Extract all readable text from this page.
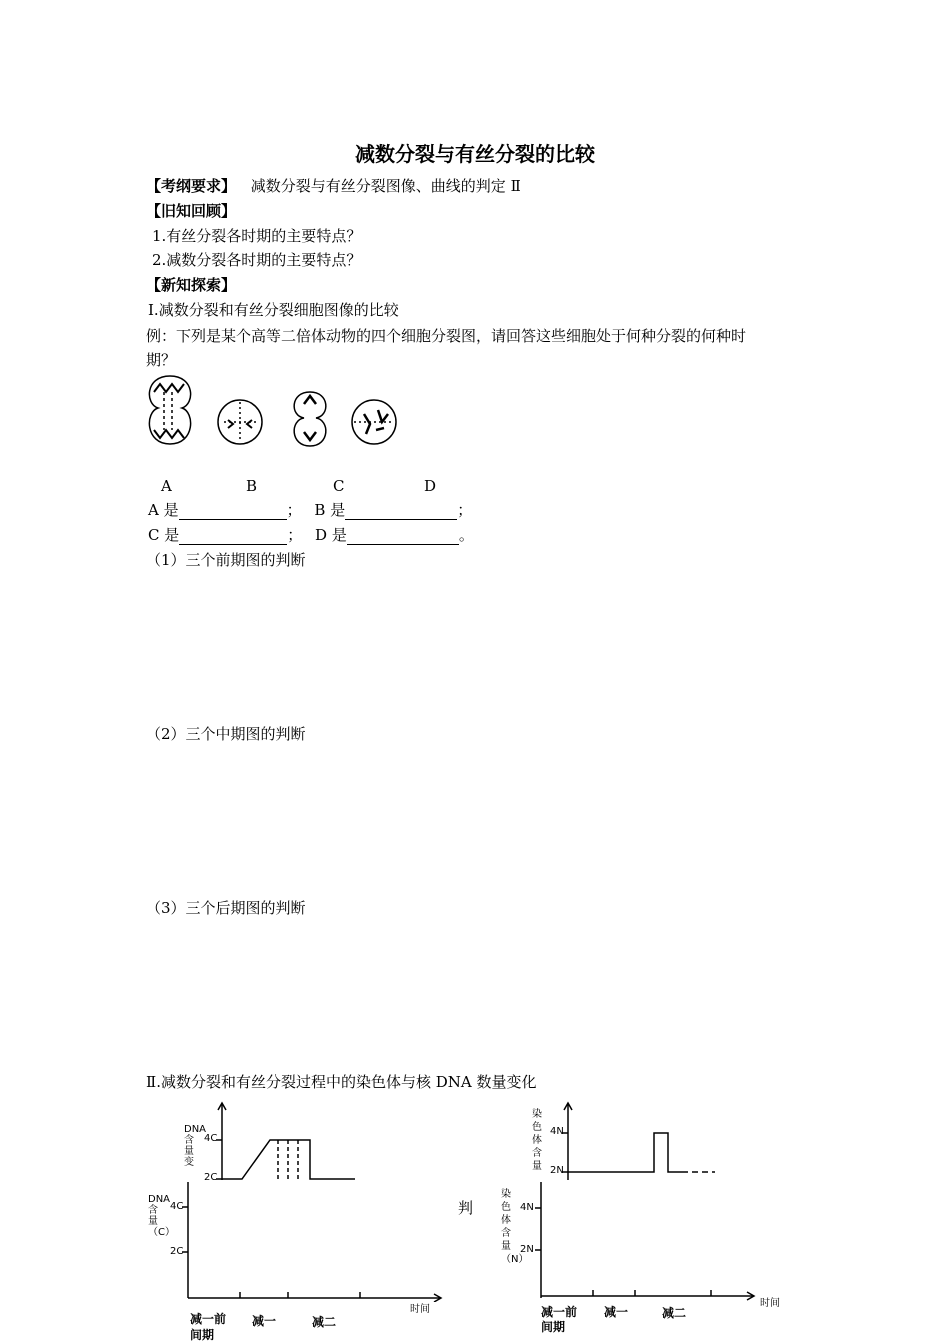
减数分裂与有丝分裂的比较
【考纲要求】 减数分裂与有丝分裂图像、曲线的判定 Ⅱ
【旧知回顾】
1.有丝分裂各时期的主要特点？
2.减数分裂各时期的主要特点？
【新知探索】
Ⅰ.减数分裂和有丝分裂细胞图像的比较
例：下列是某个高等二倍体动物的四个细胞分裂图，请回答这些细胞处于何种分裂的何种时
期？
A	B	C	D
A 是	； B 是	；
C 是	； D 是	。
（1）三个前期图的判断
（2）三个中期图的判断
（3）三个后期图的判断
Ⅱ.减数分裂和有丝分裂过程中的染色体与核 DNA 数量变化
DNA含量变
4C
2C
染色体含量
4N
2N
判
DNA含量（C）
4C
2C
时间
减一前
间期
减一	减二
染色体含量（N）
4N
2N
时间
减一前
间期
减一	减二
